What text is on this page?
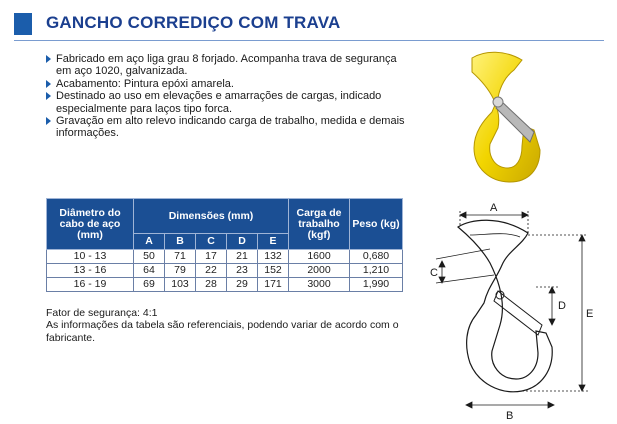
GANCHO CORREDIÇO COM TRAVA
Fabricado em aço liga grau 8 forjado. Acompanha trava de segurança em aço 1020, galvanizada.
Acabamento: Pintura epóxi amarela.
Destinado ao uso em elevações e amarrações de cargas, indicado especialmente para laços tipo forca.
Gravação em alto relevo indicando carga de trabalho, medida e demais informações.
Diâmetro do cabo de aço (mm)	Dimensões (mm)					Carga de trabalho (kgf)	Peso (kg)
	A	B	C	D	E		
10 - 13	50	71	17	21	132	1600	0,680
13 - 16	64	79	22	23	152	2000	1,210
16 - 19	69	103	28	29	171	3000	1,990
Fator de segurança: 4:1
As informações da tabela são referenciais, podendo variar de acordo com o fabricante.
A
C
D
E
B
